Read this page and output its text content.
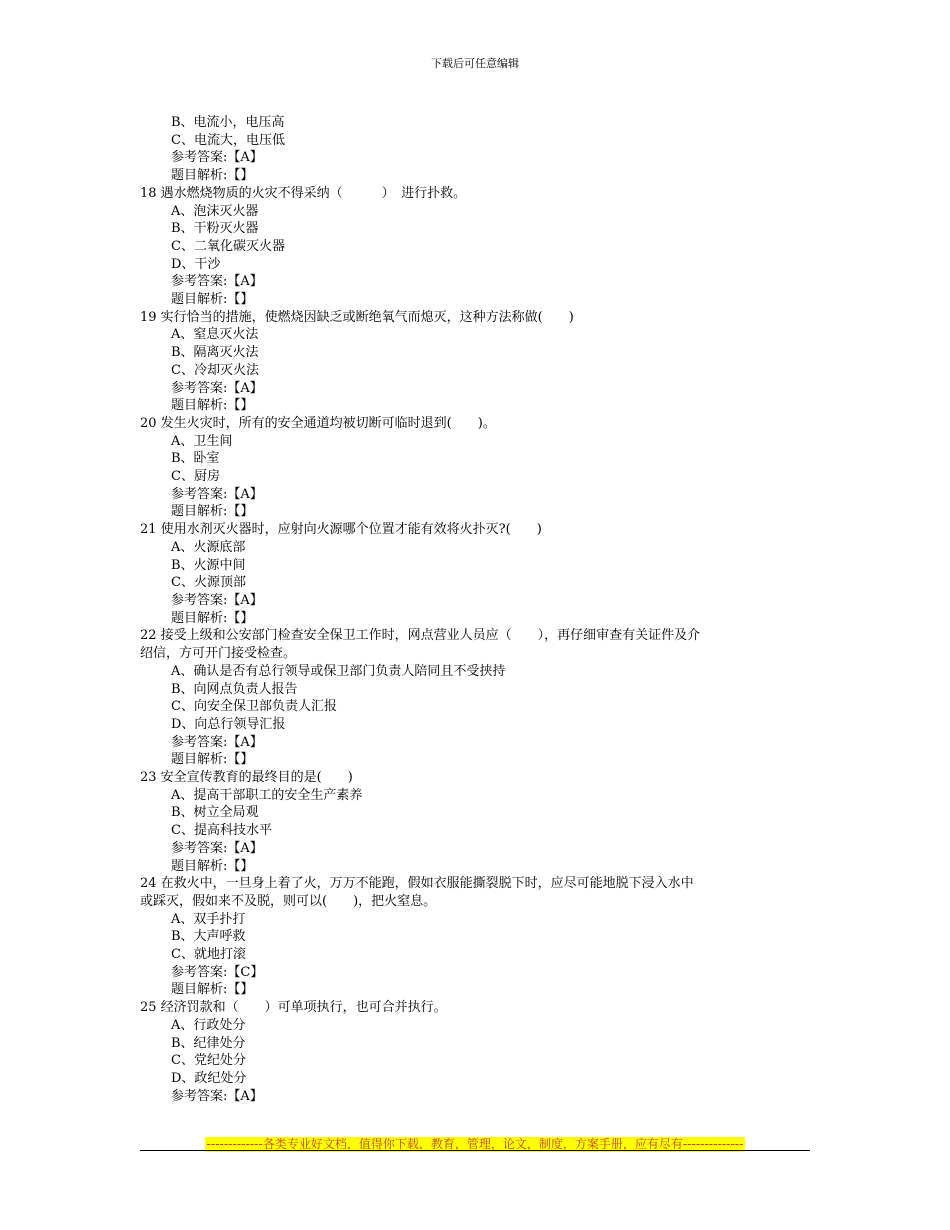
下载后可任意编辑
B、电流小，电压高
C、电流大，电压低
参考答案:【A】
题目解析:【】
18 遇水燃烧物质的火灾不得采纳（　　　）　进行扑救。
A、泡沫灭火器
B、干粉灭火器
C、二氧化碳灭火器
D、干沙
参考答案:【A】
题目解析:【】
19 实行恰当的措施，使燃烧因缺乏或断绝氧气而熄灭，这种方法称做(　　)
A、窒息灭火法
B、隔离灭火法
C、冷却灭火法
参考答案:【A】
题目解析:【】
20 发生火灾时，所有的安全通道均被切断可临时退到(　　)。
A、卫生间
B、卧室
C、厨房
参考答案:【A】
题目解析:【】
21 使用水剂灭火器时，应射向火源哪个位置才能有效将火扑灭?(　　)
A、火源底部
B、火源中间
C、火源顶部
参考答案:【A】
题目解析:【】
22 接受上级和公安部门检查安全保卫工作时，网点营业人员应（　　），再仔细审查有关证件及介
绍信，方可开门接受检查。
A、确认是否有总行领导或保卫部门负责人陪同且不受挟持
B、向网点负责人报告
C、向安全保卫部负责人汇报
D、向总行领导汇报
参考答案:【A】
题目解析:【】
23 安全宣传教育的最终目的是(　　)
A、提高干部职工的安全生产素养
B、树立全局观
C、提高科技水平
参考答案:【A】
题目解析:【】
24 在救火中，一旦身上着了火，万万不能跑，假如衣服能撕裂脱下时，应尽可能地脱下浸入水中
或踩灭，假如来不及脱，则可以(　　)，把火窒息。
A、双手扑打
B、大声呼救
C、就地打滚
参考答案:【C】
题目解析:【】
25 经济罚款和（　　）可单项执行，也可合并执行。
A、行政处分
B、纪律处分
C、党纪处分
D、政纪处分
参考答案:【A】
-------------各类专业好文档，值得你下载，教育，管理，论文，制度，方案手册，应有尽有--------------
